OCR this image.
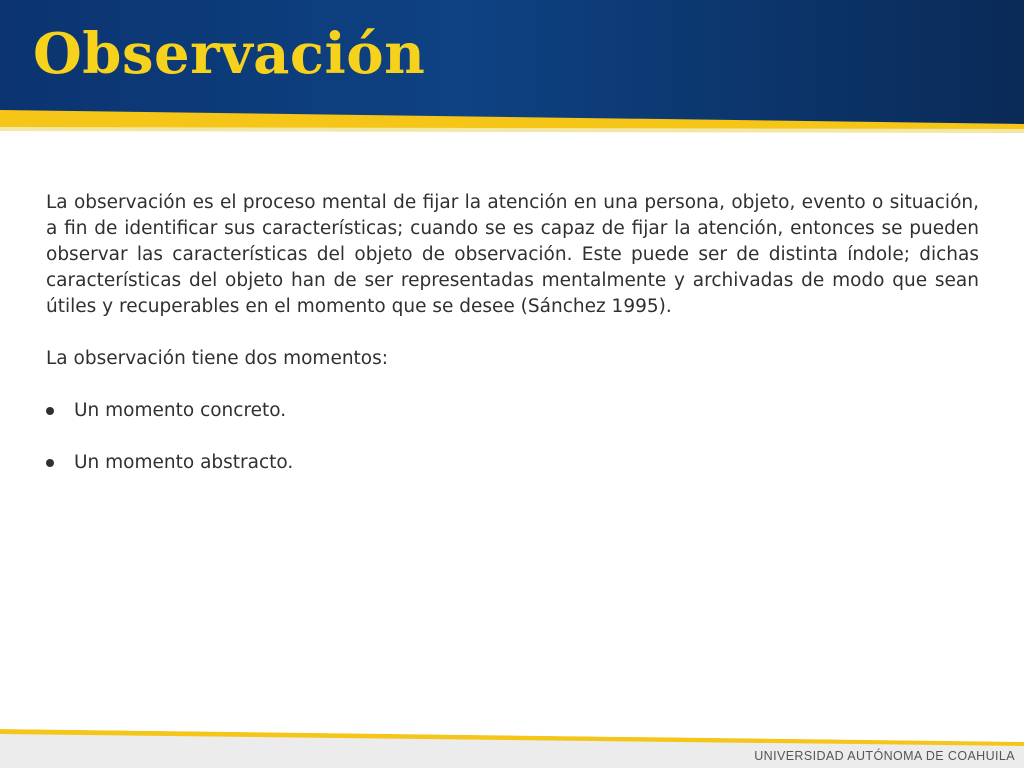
Observación

La observación es el proceso mental de fijar la atención en una persona, objeto, evento o situación, a fin de identificar sus características; cuando se es capaz de fijar la atención, entonces se pueden observar las características del objeto de observación. Este puede ser de distinta índole; dichas características del objeto han de ser representadas mentalmente y archivadas de modo que sean útiles y recuperables en el momento que se desee (Sánchez 1995).

La observación tiene dos momentos:

Un momento concreto.
Un momento abstracto.
UNIVERSIDAD AUTÓNOMA DE COAHUILA
